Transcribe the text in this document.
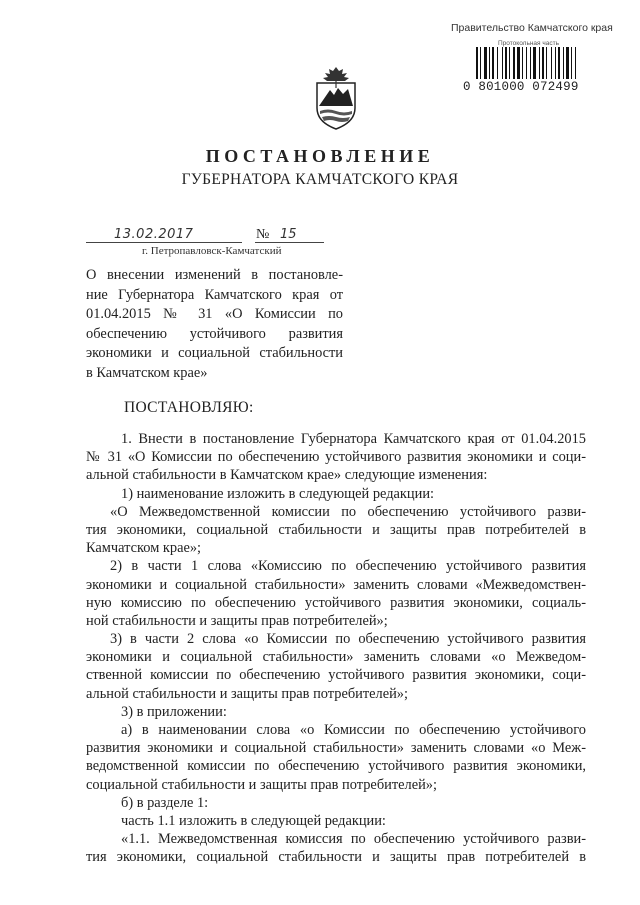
Правительство Камчатского края
Протокольная часть
0 801000 072499
ПОСТАНОВЛЕНИЕ
ГУБЕРНАТОРА КАМЧАТСКОГО КРАЯ
13.02.2017	№ 15
г. Петропавловск-Камчатский
О внесении изменений в постановле-
ние Губернатора Камчатского края от
01.04.2015 № 31 «О Комиссии по
обеспечению устойчивого развития
экономики и социальной стабильности
в Камчатском крае»
ПОСТАНОВЛЯЮ:
1. Внести в постановление Губернатора Камчатского края от 01.04.2015
№ 31 «О Комиссии по обеспечению устойчивого развития экономики и соци-
альной стабильности в Камчатском крае» следующие изменения:
1) наименование изложить в следующей редакции:
«О Межведомственной комиссии по обеспечению устойчивого разви-
тия экономики, социальной стабильности и защиты прав потребителей в
Камчатском крае»;
2) в части 1 слова «Комиссию по обеспечению устойчивого развития
экономики и социальной стабильности» заменить словами «Межведомствен-
ную комиссию по обеспечению устойчивого развития экономики, социаль-
ной стабильности и защиты прав потребителей»;
3) в части 2 слова «о Комиссии по обеспечению устойчивого развития
экономики и социальной стабильности» заменить словами «о Межведом-
ственной комиссии по обеспечению устойчивого развития экономики, соци-
альной стабильности и защиты прав потребителей»;
3) в приложении:
а) в наименовании слова «о Комиссии по обеспечению устойчивого
развития экономики и социальной стабильности» заменить словами «о Меж-
ведомственной комиссии по обеспечению устойчивого развития экономики,
социальной стабильности и защиты прав потребителей»;
б) в разделе 1:
часть 1.1 изложить в следующей редакции:
«1.1. Межведомственная комиссия по обеспечению устойчивого разви-
тия экономики, социальной стабильности и защиты прав потребителей в
